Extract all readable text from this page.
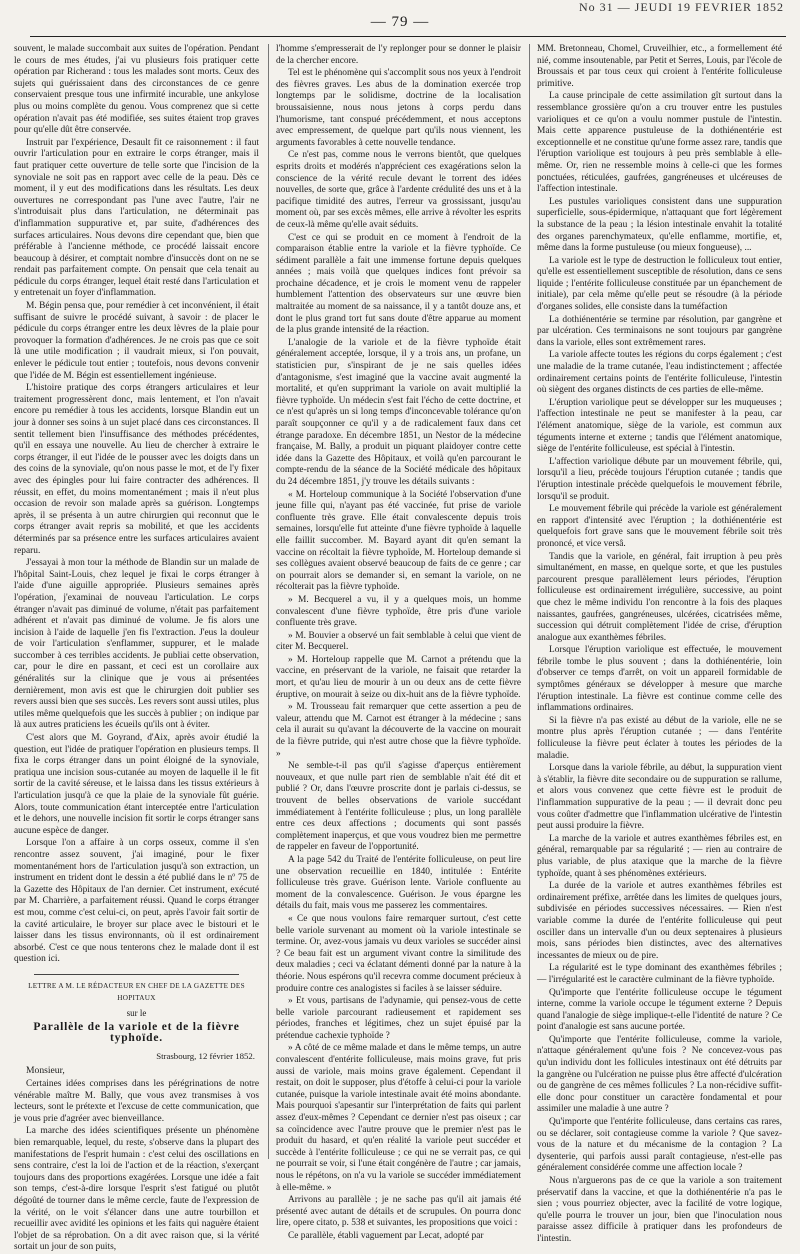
— 79 —
No 31 — JEUDI 19 FEVRIER 1852

souvent, le malade succombait aux suites de l'opération. Pendant le cours de mes études, j'ai vu plusieurs fois pratiquer cette opération par Richerand : tous les malades sont morts. Ceux des sujets qui guérissaient dans des circonstances de ce genre conservaient presque tous une infirmité incurable, une ankylose plus ou moins complète du genou. Vous comprenez que si cette opération n'avait pas été modifiée, ses suites étaient trop graves pour qu'elle dût être conservée.

Instruit par l'expérience, Desault fit ce raisonnement : il faut ouvrir l'articulation pour en extraire le corps étranger, mais il faut pratiquer cette ouverture de telle sorte que l'incision de la synoviale ne soit pas en rapport avec celle de la peau. Dès ce moment, il y eut des modifications dans les résultats. Les deux ouvertures ne correspondant pas l'une avec l'autre, l'air ne s'introduisait plus dans l'articulation, ne déterminait pas d'inflammation suppurative et, par suite, d'adhérences des surfaces articulaires. Nous devons dire cependant que, bien que préférable à l'ancienne méthode, ce procédé laissait encore beaucoup à désirer, et comptait nombre d'insuccès dont on ne se rendait pas parfaitement compte. On pensait que cela tenait au pédicule du corps étranger, lequel était resté dans l'articulation et y entretenait un foyer d'inflammation.

M. Bégin pensa que, pour remédier à cet inconvénient, il était suffisant de suivre le procédé suivant, à savoir : de placer le pédicule du corps étranger entre les deux lèvres de la plaie pour provoquer la formation d'adhérences. Je ne crois pas que ce soit là une utile modification ; il vaudrait mieux, si l'on pouvait, enlever le pédicule tout entier ; toutefois, nous devons convenir que l'idée de M. Bégin est essentiellement ingénieuse.

L'histoire pratique des corps étrangers articulaires et leur traitement progressèrent donc, mais lentement, et l'on n'avait encore pu remédier à tous les accidents, lorsque Blandin eut un jour à donner ses soins à un sujet placé dans ces circonstances. Il sentit tellement bien l'insuffisance des méthodes précédentes, qu'il en essaya une nouvelle. Au lieu de chercher à extraire le corps étranger, il eut l'idée de le pousser avec les doigts dans un des coins de la synoviale, qu'on nous passe le mot, et de l'y fixer avec des épingles pour lui faire contracter des adhérences. Il réussit, en effet, du moins momentanément ; mais il n'eut plus occasion de revoir son malade après sa guérison. Longtemps après, il se présenta à un autre chirurgien qui reconnut que le corps étranger avait repris sa mobilité, et que les accidents déterminés par sa présence entre les surfaces articulaires avaient reparu.

J'essayai à mon tour la méthode de Blandin sur un malade de l'hôpital Saint-Louis, chez lequel je fixai le corps étranger à l'aide d'une aiguille appropriée. Plusieurs semaines après l'opération, j'examinai de nouveau l'articulation. Le corps étranger n'avait pas diminué de volume, n'était pas parfaitement adhérent et n'avait pas diminué de volume. Je fis alors une incision à l'aide de laquelle j'en fis l'extraction. J'eus la douleur de voir l'articulation s'enflammer, suppurer, et le malade succomber à ces terribles accidents. Je publiai cette observation, car, pour le dire en passant, et ceci est un corollaire aux généralités sur la clinique que je vous ai présentées dernièrement, mon avis est que le chirurgien doit publier ses revers aussi bien que ses succès. Les revers sont aussi utiles, plus utiles même quelquefois que les succès à publier ; on indique par là aux autres praticiens les écueils qu'ils ont à éviter.

C'est alors que M. Goyrand, d'Aix, après avoir étudié la question, eut l'idée de pratiquer l'opération en plusieurs temps. Il fixa le corps étranger dans un point éloigné de la synoviale, pratiqua une incision sous-cutanée au moyen de laquelle il le fit sortir de la cavité séreuse, et le laissa dans les tissus extérieurs à l'articulation jusqu'à ce que la plaie de la synoviale fût guérie. Alors, toute communication étant interceptée entre l'articulation et le dehors, une nouvelle incision fit sortir le corps étranger sans aucune espèce de danger.

Lorsque l'on a affaire à un corps osseux, comme il s'en rencontre assez souvent, j'ai imaginé, pour le fixer momentanément hors de l'articulation jusqu'à son extraction, un instrument en trident dont le dessin a été publié dans le nº 75 de la Gazette des Hôpitaux de l'an dernier. Cet instrument, exécuté par M. Charrière, a parfaitement réussi. Quand le corps étranger est mou, comme c'est celui-ci, on peut, après l'avoir fait sortir de la cavité articulaire, le broyer sur place avec le bistouri et le laisser dans les tissus environnants, où il est ordinairement absorbé. C'est ce que nous tenterons chez le malade dont il est question ici.

LETTRE A M. LE RÉDACTEUR EN CHEF DE LA GAZETTE DES HOPITAUX
sur le
Parallèle de la variole et de la fièvre typhoïde.
Strasbourg, 12 février 1852.
Monsieur,

Certaines idées comprises dans les pérégrinations de notre vénérable maître M. Bally, que vous avez transmises à vos lecteurs, sont le prétexte et l'excuse de cette communication, que je vous prie d'agréer avec bienveillance.

La marche des idées scientifiques présente un phénomène bien remarquable, lequel, du reste, s'observe dans la plupart des manifestations de l'esprit humain : c'est celui des oscillations en sens contraire, c'est la loi de l'action et de la réaction, s'exerçant toujours dans des proportions exagérées. Lorsque une idée a fait son temps, c'est-à-dire lorsque l'esprit s'est fatigué ou plutôt dégoûté de tourner dans le même cercle, faute de l'expression de la vérité, on le voit s'élancer dans une autre tourbillon et recueillir avec avidité les opinions et les faits qui naguère étaient l'objet de sa réprobation. On a dit avec raison que, si la vérité sortait un jour de son puits,

l'homme s'empresserait de l'y replonger pour se donner le plaisir de la chercher encore.

Tel est le phénomène qui s'accomplit sous nos yeux à l'endroit des fièvres graves. Les abus de la domination exercée trop longtemps par le solidisme, doctrine de la localisation broussaisienne, nous nous jetons à corps perdu dans l'humorisme, tant conspué précédemment, et nous acceptons avec empressement, de quelque part qu'ils nous viennent, les arguments favorables à cette nouvelle tendance.

Ce n'est pas, comme nous le verrons bientôt, que quelques esprits droits et modérés n'apprécient ces exagérations selon la conscience de la vérité recule devant le torrent des idées nouvelles, de sorte que, grâce à l'ardente crédulité des uns et à la pacifique timidité des autres, l'erreur va grossissant, jusqu'au moment où, par ses excès mêmes, elle arrive à révolter les esprits de ceux-là même qu'elle avait séduits.

C'est ce qui se produit en ce moment à l'endroit de la comparaison établie entre la variole et la fièvre typhoïde. Ce sédiment parallèle a fait une immense fortune depuis quelques années ; mais voilà que quelques indices font prévoir sa prochaine décadence, et je crois le moment venu de rappeler humblement l'attention des observateurs sur une œuvre bien maltraitée au moment de sa naissance, il y a tantôt douze ans, et dont le plus grand tort fut sans doute d'être apparue au moment de la plus grande intensité de la réaction.

L'analogie de la variole et de la fièvre typhoïde était généralement acceptée, lorsque, il y a trois ans, un profane, un statisticien pur, s'inspirant de je ne sais quelles idées d'antagonisme, s'est imaginé que la vaccine avait augmenté la mortalité, et qu'en supprimant la variole on avait multiplié la fièvre typhoïde. Un médecin s'est fait l'écho de cette doctrine, et ce n'est qu'après un si long temps d'inconcevable tolérance qu'on paraît soupçonner ce qu'il y a de radicalement faux dans cet étrange paradoxe. En décembre 1851, un Nestor de la médecine française, M. Bally, a produit un piquant plaidoyer contre cette idée dans la Gazette des Hôpitaux, et voilà qu'en parcourant le compte-rendu de la séance de la Société médicale des hôpitaux du 24 décembre 1851, j'y trouve les détails suivants :

« M. Horteloup communique à la Société l'observation d'une jeune fille qui, n'ayant pas été vaccinée, fut prise de variole confluente très grave. Elle était convalescente depuis trois semaines, lorsqu'elle fut atteinte d'une fièvre typhoïde à laquelle elle faillit succomber. M. Bayard ayant dit qu'en semant la vaccine on récoltait la fièvre typhoïde, M. Horteloup demande si ses collègues avaient observé beaucoup de faits de ce genre ; car on pourrait alors se demander si, en semant la variole, on ne récolterait pas la fièvre typhoïde.

» M. Becquerel a vu, il y a quelques mois, un homme convalescent d'une fièvre typhoïde, être pris d'une variole confluente très grave.

» M. Bouvier a observé un fait semblable à celui que vient de citer M. Becquerel.

» M. Horteloup rappelle que M. Carnot a prétendu que la vaccine, en préservant de la variole, ne faisait que retarder la mort, et qu'au lieu de mourir à un ou deux ans de cette fièvre éruptive, on mourait à seize ou dix-huit ans de la fièvre typhoïde.

» M. Trousseau fait remarquer que cette assertion a peu de valeur, attendu que M. Carnot est étranger à la médecine ; sans cela il aurait su qu'avant la découverte de la vaccine on mourait de la fièvre putride, qui n'est autre chose que la fièvre typhoïde. »

Ne semble-t-il pas qu'il s'agisse d'aperçus entièrement nouveaux, et que nulle part rien de semblable n'ait été dit et publié ? Or, dans l'œuvre proscrite dont je parlais ci-dessus, se trouvent de belles observations de variole succédant immédiatement à l'entérite folliculeuse ; plus, un long parallèle entre ces deux affections ; documents qui sont passés complètement inaperçus, et que vous voudrez bien me permettre de rappeler en faveur de l'opportunité.

A la page 542 du Traité de l'entérite folliculeuse, on peut lire une observation recueillie en 1840, intitulée : Entérite folliculeuse très grave. Guérison lente. Variole confluente au moment de la convalescence. Guérison. Je vous épargne les détails du fait, mais vous me passerez les commentaires.

« Ce que nous voulons faire remarquer surtout, c'est cette belle variole survenant au moment où la variole intestinale se termine. Or, avez-vous jamais vu deux varioles se succéder ainsi ? Ce beau fait est un argument vivant contre la similitude des deux maladies ; ceci va éclatant démenti donné par la nature à la théorie. Nous espérons qu'il recevra comme document précieux à produire contre ces analogistes si faciles à se laisser séduire.

» Et vous, partisans de l'adynamie, qui pensez-vous de cette belle variole parcourant radieusement et rapidement ses périodes, franches et légitimes, chez un sujet épuisé par la prétendue cachexie typhoïde ?

» A côté de ce même malade et dans le même temps, un autre convalescent d'entérite folliculeuse, mais moins grave, fut pris aussi de variole, mais moins grave également. Cependant il restait, on doit le supposer, plus d'étoffe à celui-ci pour la variole cutanée, puisque la variole intestinale avait été moins abondante. Mais pourquoi s'apesantir sur l'interprétation de faits qui parlent assez d'eux-mêmes ? Cependant ce dernier n'est pas oiseux ; car sa coïncidence avec l'autre prouve que le premier n'est pas le produit du hasard, et qu'en réalité la variole peut succéder et succède à l'entérite folliculeuse ; ce qui ne se verrait pas, ce qui ne pourrait se voir, si l'une était congénère de l'autre ; car jamais, nous le répétons, on n'a vu la variole se succéder immédiatement à elle-même. »

Arrivons au parallèle ; je ne sache pas qu'il ait jamais été présenté avec autant de détails et de scrupules. On pourra donc lire, opere citato, p. 538 et suivantes, les propositions que voici :

Ce parallèle, établi vaguement par Lecat, adopté par

MM. Bretonneau, Chomel, Cruveilhier, etc., a formellement été nié, comme insoutenable, par Petit et Serres, Louis, par l'école de Broussais et par tous ceux qui croient à l'entérite folliculeuse primitive.

La cause principale de cette assimilation gît surtout dans la ressemblance grossière qu'on a cru trouver entre les pustules varioliques et ce qu'on a voulu nommer pustule de l'intestin. Mais cette apparence pustuleuse de la dothiénentérie est exceptionnelle et ne constitue qu'une forme assez rare, tandis que l'éruption variolique est toujours à peu près semblable à elle-même. Or, rien ne ressemble moins à celle-ci que les formes ponctuées, réticulées, gaufrées, gangréneuses et ulcéreuses de l'affection intestinale.

Les pustules varioliques consistent dans une suppuration superficielle, sous-épidermique, n'attaquant que fort légèrement la substance de la peau ; la lésion intestinale envahit la totalité des organes parenchymateux, qu'elle enflamme, mortifie, et, même dans la forme pustuleuse (ou mieux fongueuse), ...

La variole est le type de destruction le folliculeux tout entier, qu'elle est essentiellement susceptible de résolution, dans ce sens liquide ; l'entérite folliculeuse constituée par un épanchement de initiale), par cela même qu'elle peut se résoudre (à la période d'organes solides, elle consiste dans la tuméfaction

La dothiénentérie se termine par résolution, par gangrène et par ulcération. Ces terminaisons ne sont toujours par gangrène dans la variole, elles sont extrêmement rares.

La variole affecte toutes les régions du corps également ; c'est une maladie de la trame cutanée, l'eau indistinctement ; affectée ordinairement certains points de l'entérite folliculeuse, l'intestin où siègent des organes distincts de ces parties de elle-même.

L'éruption variolique peut se développer sur les muqueuses ; l'affection intestinale ne peut se manifester à la peau, car l'élément anatomique, siège de la variole, est commun aux téguments interne et externe ; tandis que l'élément anatomique, siège de l'entérite folliculeuse, est spécial à l'intestin.

L'affection variolique débute par un mouvement fébrile, qui, lorsqu'il a lieu, précède toujours l'éruption cutanée ; tandis que l'éruption intestinale précède quelquefois le mouvement fébrile, lorsqu'il se produit.

Le mouvement fébrile qui précède la variole est généralement en rapport d'intensité avec l'éruption ; la dothiénentérie est quelquefois fort grave sans que le mouvement fébrile soit très prononcé, et vice versâ.

Tandis que la variole, en général, fait irruption à peu près simultanément, en masse, en quelque sorte, et que les pustules parcourent presque parallèlement leurs périodes, l'éruption folliculeuse est ordinairement irrégulière, successive, au point que chez le même individu l'on rencontre à la fois des plaques naissantes, gaufrées, gangréneuses, ulcérées, cicatrisées même, succession qui détruit complètement l'idée de crise, d'éruption analogue aux exanthèmes fébriles.

Lorsque l'éruption variolique est effectuée, le mouvement fébrile tombe le plus souvent ; dans la dothiénentérie, loin d'observer ce temps d'arrêt, on voit un appareil formidable de symptômes généraux se développer à mesure que marche l'éruption intestinale. La fièvre est continue comme celle des inflammations ordinaires.

Si la fièvre n'a pas existé au début de la variole, elle ne se montre plus après l'éruption cutanée ; — dans l'entérite folliculeuse la fièvre peut éclater à toutes les périodes de la maladie.

Lorsque dans la variole fébrile, au début, la suppuration vient à s'établir, la fièvre dite secondaire ou de suppuration se rallume, et alors vous convenez que cette fièvre est le produit de l'inflammation suppurative de la peau ; — il devrait donc peu vous coûter d'admettre que l'inflammation ulcérative de l'intestin peut aussi produire la fièvre.

La marche de la variole et autres exanthèmes fébriles est, en général, remarquable par sa régularité ; — rien au contraire de plus variable, de plus ataxique que la marche de la fièvre typhoïde, quant à ses phénomènes extérieurs.

La durée de la variole et autres exanthèmes fébriles est ordinairement préfixe, arrêtée dans les limites de quelques jours, subdivisée en périodes successives nécessaires. — Rien n'est variable comme la durée de l'entérite folliculeuse qui peut osciller dans un intervalle d'un ou deux septenaires à plusieurs mois, sans périodes bien distinctes, avec des alternatives incessantes de mieux ou de pire.

La régularité est le type dominant des exanthèmes fébriles ; — l'irrégularité est le caractère culminant de la fièvre typhoïde.

Qu'importe que l'entérite folliculeuse occupe le tégument interne, comme la variole occupe le tégument externe ? Depuis quand l'analogie de siège implique-t-elle l'identité de nature ? Ce point d'analogie est sans aucune portée.

Qu'importe que l'entérite folliculeuse, comme la variole, n'attaque généralement qu'une fois ? Ne concevez-vous pas qu'un individu dont les follicules intestinaux ont été détruits par la gangrène ou l'ulcération ne puisse plus être affecté d'ulcération ou de gangrène de ces mêmes follicules ? La non-récidive suffit-elle donc pour constituer un caractère fondamental et pour assimiler une maladie à une autre ?

Qu'importe que l'entérite folliculeuse, dans certains cas rares, ou se déclarer, soit contagieuse comme la variole ? Que savez-vous de la nature et du mécanisme de la contagion ? La dysenterie, qui parfois aussi paraît contagieuse, n'est-elle pas généralement considérée comme une affection locale ?

Nous n'arguerons pas de ce que la variole a son traitement préservatif dans la vaccine, et que la dothiénentérie n'a pas le sien ; vous pourriez objecter, avec la facilité de votre logique, qu'elle pourra le trouver un jour, bien que l'inoculation nous paraisse assez difficile à pratiquer dans les profondeurs de l'intestin.
